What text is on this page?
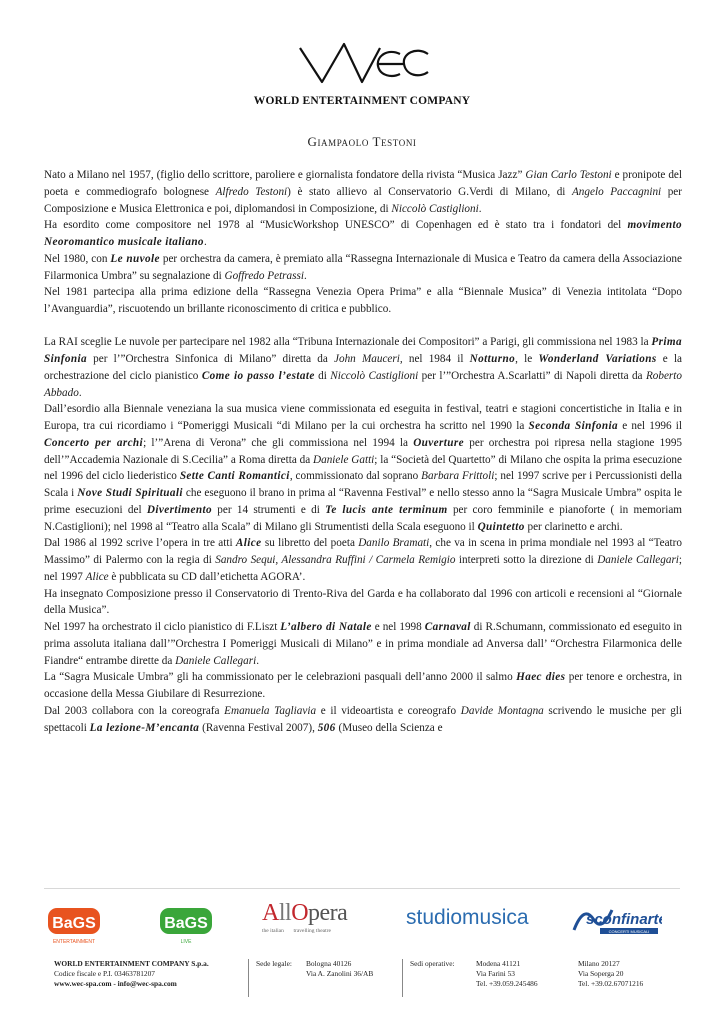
WORLD ENTERTAINMENT COMPANY
Giampaolo Testoni

Nato a Milano nel 1957, (figlio dello scrittore, paroliere e giornalista fondatore della rivista “Musica Jazz” Gian Carlo Testoni e pronipote del poeta e commediografo bolognese Alfredo Testoni) è stato allievo al Conservatorio G.Verdi di Milano, di Angelo Paccagnini per Composizione e Musica Elettronica e poi, diplomandosi in Composizione, di Niccolò Castiglioni.

Ha esordito come compositore nel 1978 al “MusicWorkshop UNESCO” di Copenhagen ed è stato tra i fondatori del movimento Neoromantico musicale italiano.

Nel 1980, con Le nuvole per orchestra da camera, è premiato alla “Rassegna Internazionale di Musica e Teatro da camera della Associazione Filarmonica Umbra” su segnalazione di Goffredo Petrassi.

Nel 1981 partecipa alla prima edizione della “Rassegna Venezia Opera Prima” e alla “Biennale Musica” di Venezia intitolata “Dopo l’Avanguardia”, riscuotendo un brillante riconoscimento di critica e pubblico.

La RAI sceglie Le nuvole per partecipare nel 1982 alla “Tribuna Internazionale dei Compositori” a Parigi, gli commissiona nel 1983 la Prima Sinfonia per l’”Orchestra Sinfonica di Milano” diretta da John Mauceri, nel 1984 il Notturno, le Wonderland Variations e la orchestrazione del ciclo pianistico Come io passo l’estate di Niccolò Castiglioni per l’”Orchestra A.Scarlatti” di Napoli diretta da Roberto Abbado.

Dall’esordio alla Biennale veneziana la sua musica viene commissionata ed eseguita in festival, teatri e stagioni concertistiche in Italia e in Europa, tra cui ricordiamo i “Pomeriggi Musicali “di Milano per la cui orchestra ha scritto nel 1990 la Seconda Sinfonia e nel 1996 il Concerto per archi; l’”Arena di Verona” che gli commissiona nel 1994 la Ouverture per orchestra poi ripresa nella stagione 1995 dell’”Accademia Nazionale di S.Cecilia” a Roma diretta da Daniele Gatti; la “Società del Quartetto” di Milano che ospita la prima esecuzione nel 1996 del ciclo liederistico Sette Canti Romantici, commissionato dal soprano Barbara Frittoli; nel 1997 scrive per i Percussionisti della Scala i Nove Studi Spirituali che eseguono il brano in prima al “Ravenna Festival” e nello stesso anno la “Sagra Musicale Umbra” ospita le prime esecuzioni del Divertimento per 14 strumenti e di Te lucis ante terminum per coro femminile e pianoforte ( in memoriam N.Castiglioni); nel 1998 al “Teatro alla Scala” di Milano gli Strumentisti della Scala eseguono il Quintetto per clarinetto e archi.

Dal 1986 al 1992 scrive l’opera in tre atti Alice su libretto del poeta Danilo Bramati, che va in scena in prima mondiale nel 1993 al “Teatro Massimo” di Palermo con la regia di Sandro Sequi, Alessandra Ruffini / Carmela Remigio interpreti sotto la direzione di Daniele Callegari; nel 1997 Alice è pubblicata su CD dall’etichetta AGORA’.

Ha insegnato Composizione presso il Conservatorio di Trento-Riva del Garda e ha collaborato dal 1996 con articoli e recensioni al “Giornale della Musica”.

Nel 1997 ha orchestrato il ciclo pianistico di F.Liszt L’albero di Natale e nel 1998 Carnaval di R.Schumann, commissionato ed eseguito in prima assoluta italiana dall’”Orchestra I Pomeriggi Musicali di Milano” e in prima mondiale ad Anversa dall’ “Orchestra Filarmonica delle Fiandre“ entrambe dirette da Daniele Callegari.

La “Sagra Musicale Umbra” gli ha commissionato per le celebrazioni pasquali dell’anno 2000 il salmo Haec dies per tenore e orchestra, in occasione della Messa Giubilare di Resurrezione.

Dal 2003 collabora con la coreografa Emanuela Tagliavia e il videoartista e coreografo Davide Montagna scrivendo le musiche per gli spettacoli La lezione-M’encanta (Ravenna Festival 2007), 506 (Museo della Scienza e

BaGS
ENTERTAINMENT
BaGS
LIVE
A
llOpera
the italian travelling theatre
studiomusica	sconfinarte
CONCERTI MUSICALI
WORLD ENTERTAINMENT COMPANY S.p.a.
Codice fiscale e P.I. 03463781207
www.wec-spa.com - info@wec-spa.com
Sede legale: Bologna 40126
Via A. Zanolini 36/AB
Sedi operative:	Modena 41121
Via Farini 53
Tel. +39.059.245486
Milano 20127
Via Soperga 20
Tel. +39.02.67071216
